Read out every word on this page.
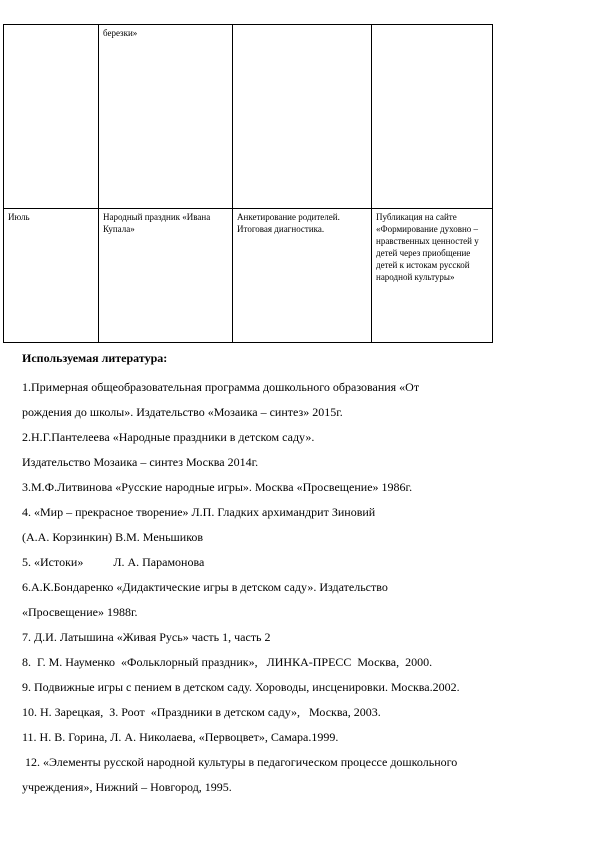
	березки»		
Июль	Народный праздник «Ивана Купала»	Анкетирование родителей. Итоговая диагностика.	Публикация на сайте «Формирование духовно – нравственных ценностей у детей через приобщение детей к истокам русской народной культуры»
Используемая литература:
1.Примерная общеобразовательная программа дошкольного образования «От
рождения до школы». Издательство «Мозаика – синтез» 2015г.
2.Н.Г.Пантелеева «Народные праздники в детском саду».
Издательство Мозаика – синтез Москва 2014г.
3.М.Ф.Литвинова «Русские народные игры». Москва «Просвещение» 1986г.
4. «Мир – прекрасное творение» Л.П. Гладких архимандрит Зиновий
(А.А. Корзинкин) В.М. Меньшиков
5. «Истоки»          Л. А. Парамонова
6.А.К.Бондаренко «Дидактические игры в детском саду». Издательство
«Просвещение» 1988г.
7. Д.И. Латышина «Живая Русь» часть 1, часть 2
8.  Г. М. Науменко  «Фольклорный праздник»,   ЛИНКА-ПРЕСС  Москва,  2000.
9. Подвижные игры с пением в детском саду. Хороводы, инсценировки. Москва.2002.
10. Н. Зарецкая,  З. Роот  «Праздники в детском саду»,   Москва, 2003.
11. Н. В. Горина, Л. А. Николаева, «Первоцвет», Самара.1999.
12. «Элементы русской народной культуры в педагогическом процессе дошкольного
учреждения», Нижний – Новгород, 1995.
